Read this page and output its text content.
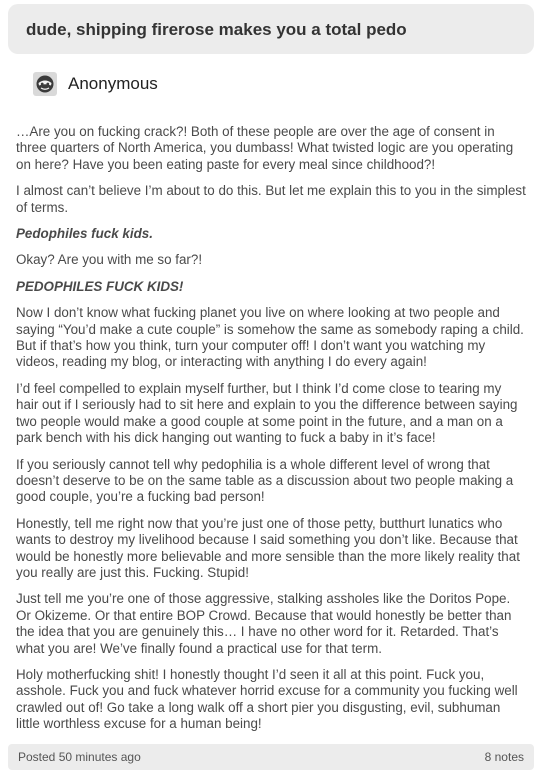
dude, shipping firerose makes you a total pedo

Anonymous

…Are you on fucking crack?! Both of these people are over the age of consent in three quarters of North America, you dumbass! What twisted logic are you operating on here? Have you been eating paste for every meal since childhood?!

I almost can’t believe I’m about to do this. But let me explain this to you in the simplest of terms.

Pedophiles fuck kids.

Okay? Are you with me so far?!

PEDOPHILES FUCK KIDS!

Now I don’t know what fucking planet you live on where looking at two people and saying “You’d make a cute couple” is somehow the same as somebody raping a child. But if that’s how you think, turn your computer off! I don’t want you watching my videos, reading my blog, or interacting with anything I do every again!

I’d feel compelled to explain myself further, but I think I’d come close to tearing my hair out if I seriously had to sit here and explain to you the difference between saying two people would make a good couple at some point in the future, and a man on a park bench with his dick hanging out wanting to fuck a baby in it’s face!

If you seriously cannot tell why pedophilia is a whole different level of wrong that doesn’t deserve to be on the same table as a discussion about two people making a good couple, you’re a fucking bad person!

Honestly, tell me right now that you’re just one of those petty, butthurt lunatics who wants to destroy my livelihood because I said something you don’t like. Because that would be honestly more believable and more sensible than the more likely reality that you really are just this. Fucking. Stupid!

Just tell me you’re one of those aggressive, stalking assholes like the Doritos Pope. Or Okizeme. Or that entire BOP Crowd. Because that would honestly be better than the idea that you are genuinely this… I have no other word for it. Retarded. That’s what you are! We’ve finally found a practical use for that term.

Holy motherfucking shit! I honestly thought I’d seen it all at this point. Fuck you, asshole. Fuck you and fuck whatever horrid excuse for a community you fucking well crawled out of! Go take a long walk off a short pier you disgusting, evil, subhuman little worthless excuse for a human being!

Posted 50 minutes ago	8 notes
